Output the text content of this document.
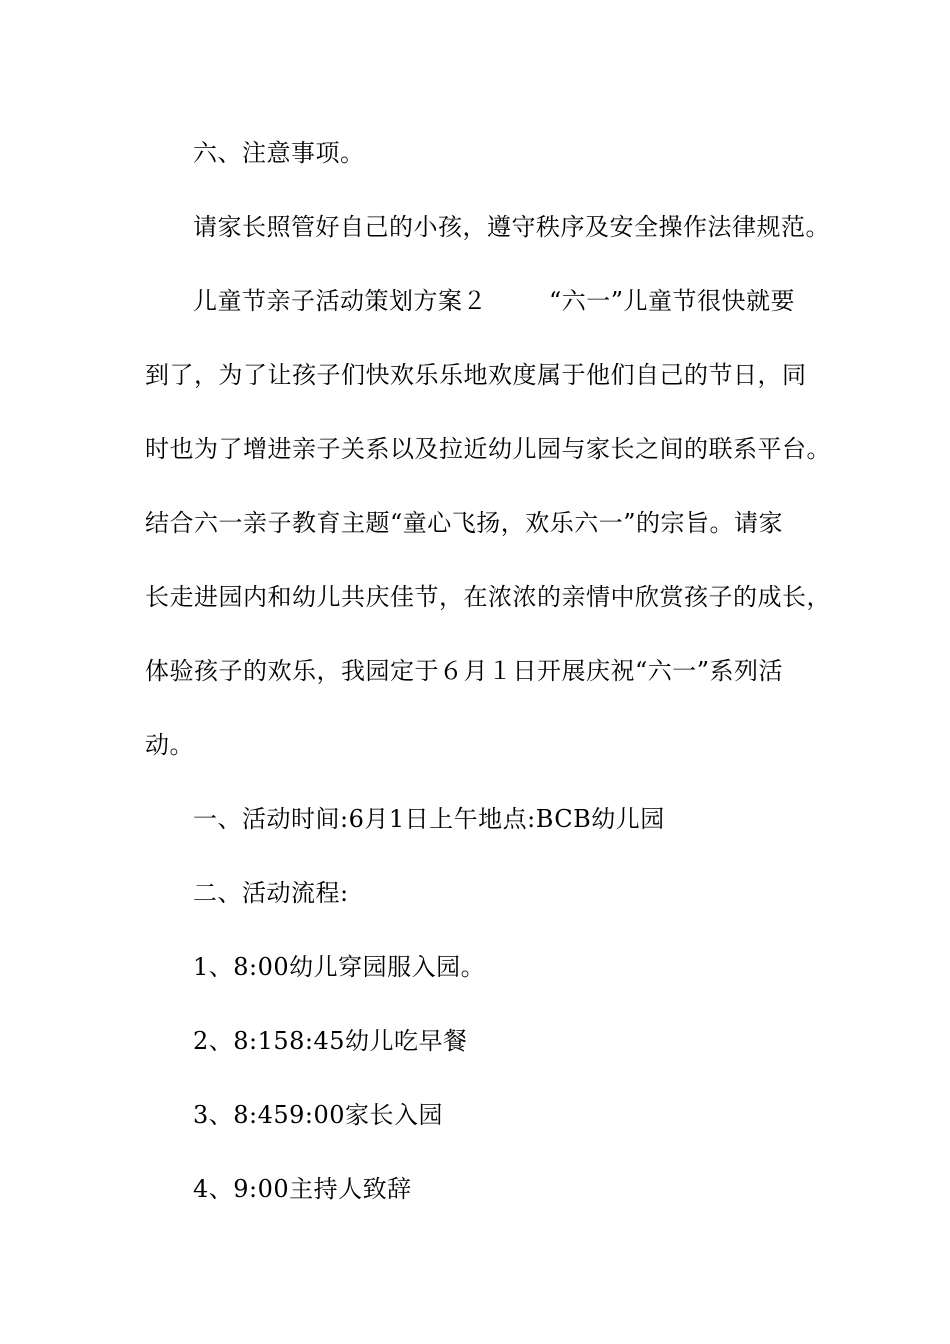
六、注意事项。
请家长照管好自己的小孩，遵守秩序及安全操作法律规范。
儿童节亲子活动策划方案２	“六一”儿童节很快就要
到了，为了让孩子们快欢乐乐地欢度属于他们自己的节日，同
时也为了增进亲子关系以及拉近幼儿园与家长之间的联系平台。
结合六一亲子教育主题“童心飞扬，欢乐六一”的宗旨。请家
长走进园内和幼儿共庆佳节，在浓浓的亲情中欣赏孩子的成长，
体验孩子的欢乐，我园定于６月１日开展庆祝“六一”系列活
动。
一、活动时间:6月1日上午地点:BCB幼儿园
二、活动流程:
1、8:00幼儿穿园服入园。
2、8:158:45幼儿吃早餐
3、8:459:00家长入园
4、9:00主持人致辞
